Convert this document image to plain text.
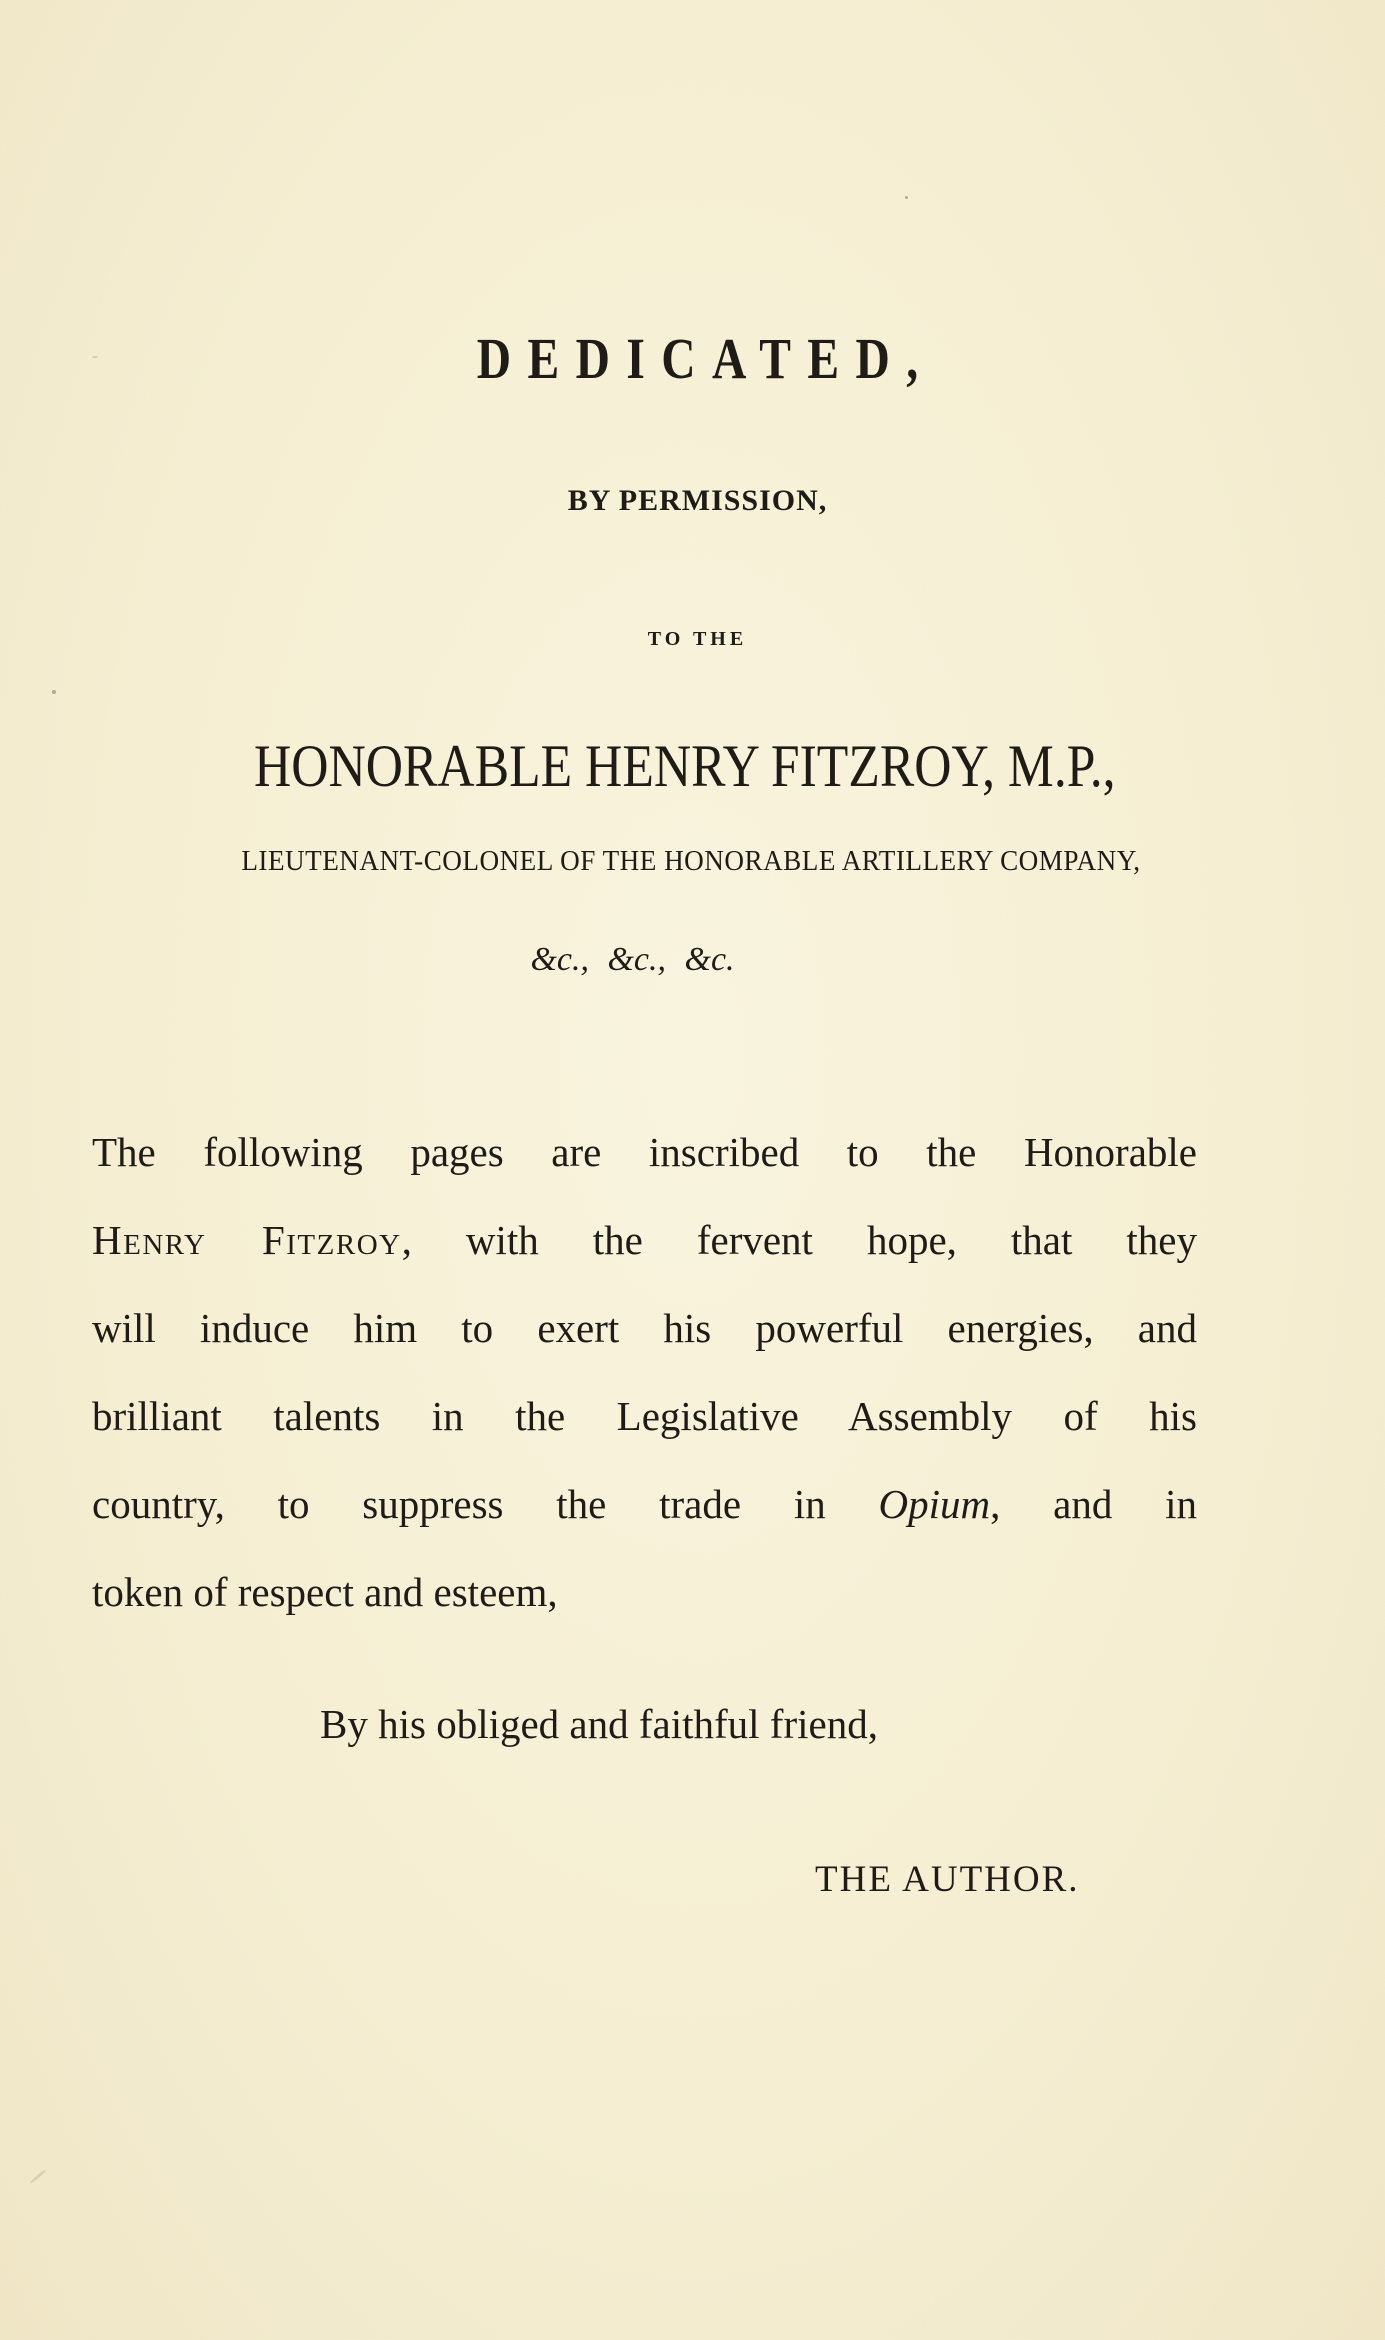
DEDICATED,

BY PERMISSION,

TO THE

HONORABLE HENRY FITZROY, M.P.,

LIEUTENANT-COLONEL OF THE HONORABLE ARTILLERY COMPANY,

&c., &c., &c.

The following pages are inscribed to the Honorable
Henry Fitzroy, with the fervent hope, that they
will induce him to exert his powerful energies, and
brilliant talents in the Legislative Assembly of his
country, to suppress the trade in Opium, and in
token of respect and esteem,

By his obliged and faithful friend,

THE AUTHOR.
